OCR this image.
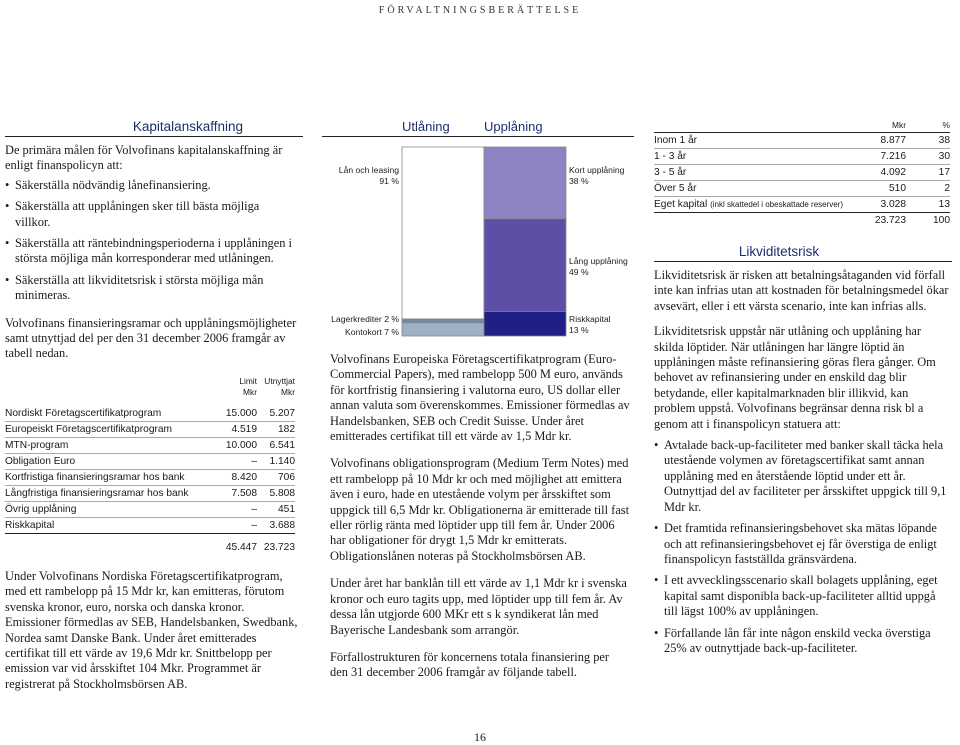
FÖRVALTNINGSBERÄTTELSE
Kapitalanskaffning

De primära målen för Volvofinans kapitalanskaffning är enligt finanspolicyn att:

• Säkerställa nödvändig lånefinansiering.
• Säkerställa att upplåningen sker till bästa möjliga villkor.
• Säkerställa att räntebindningsperioderna i upplåningen i största möjliga mån korresponderar med utlåningen.
• Säkerställa att likviditetsrisk i största möjliga mån minimeras.

Volvofinans finansieringsramar och upplåningsmöjligheter samt utnyttjad del per den 31 december 2006 framgår av tabell nedan.

	Limit
Mkr	Utnyttjat
Mkr

Nordiskt Företagscertifikatprogram	15.000	5.207

Europeiskt Företagscertifikatprogram	4.519	182

MTN-program	10.000	6.541

Obligation Euro	–	1.140

Kortfristiga finansieringsramar hos bank	8.420	706

Långfristiga finansieringsramar hos bank	7.508	5.808

Övrig upplåning	–	451

Riskkapital	–	3.688

	45.447	23.723

Under Volvofinans Nordiska Företagscertifikatprogram, med ett rambelopp på 15 Mdr kr, kan emitteras, förutom svenska kronor, euro, norska och danska kronor. Emissioner förmedlas av SEB, Handelsbanken, Swedbank, Nordea samt Danske Bank. Under året emitterades certifikat till ett värde av 19,6 Mdr kr. Snittbelopp per emission var vid årsskiftet 104 Mkr. Programmet är registrerat på Stockholmsbörsen AB.

Utlåning	Upplåning
Lån och leasing
91 %
Lagerkrediter 2 %
Kontokort 7 %
Kort upplåning
38 %
Lång upplåning
49 %
Riskkapital
13 %

Volvofinans Europeiska Företagscertifikatprogram (Euro-Commercial Papers), med rambelopp 500 M euro, används för kortfristig finansiering i valutorna euro, US dollar eller annan valuta som överenskommes. Emissioner förmedlas av Handelsbanken, SEB och Credit Suisse. Under året emitterades certifikat till ett värde av 1,5 Mdr kr.

Volvofinans obligationsprogram (Medium Term Notes) med ett rambelopp på 10 Mdr kr och med möjlighet att emittera även i euro, hade en utestående volym per årsskiftet som uppgick till 6,5 Mdr kr. Obligationerna är emitterade till fast eller rörlig ränta med löptider upp till fem år. Under 2006 har obligationer för drygt 1,5 Mdr kr emitterats. Obligationslånen noteras på Stockholmsbörsen AB.

Under året har banklån till ett värde av 1,1 Mdr kr i svenska kronor och euro tagits upp, med löptider upp till fem år. Av dessa lån utgjorde 600 MKr ett s k syndikerat lån med Bayerische Landesbank som arrangör.

Förfallostrukturen för koncernens totala finansiering per den 31 december 2006 framgår av följande tabell.

	Mkr	%

Inom 1 år	8.877	38

1 - 3 år	7.216	30

3 - 5 år	4.092	17

Över 5 år	510	2

Eget kapital (inkl skattedel i obeskattade reserver)	3.028	13

	23.723	100
Likviditetsrisk

Likviditetsrisk är risken att betalningsåtaganden vid förfall inte kan infrias utan att kostnaden för betalningsmedel ökar avsevärt, eller i ett värsta scenario, inte kan infrias alls.

Likviditetsrisk uppstår när utlåning och upplåning har skilda löptider. När utlåningen har längre löptid än upplåningen måste refinansiering göras flera gånger. Om behovet av refinansiering under en enskild dag blir betydande, eller kapitalmarknaden blir illikvid, kan problem uppstå. Volvofinans begränsar denna risk bl a genom att i finanspolicyn statuera att:

• Avtalade back-up-faciliteter med banker skall täcka hela utestående volymen av företagscertifikat samt annan upplåning med en återstående löptid under ett år. Outnyttjad del av faciliteter per årsskiftet uppgick till 9,1 Mdr kr.
• Det framtida refinansieringsbehovet ska mätas löpande och att refinansieringsbehovet ej får överstiga de enligt finanspolicyn fastställda gränsvärdena.
• I ett avvecklingsscenario skall bolagets upplåning, eget kapital samt disponibla back-up-faciliteter alltid uppgå till lägst 100% av upplåningen.
• Förfallande lån får inte någon enskild vecka överstiga 25% av outnyttjade back-up-faciliteter.
16
